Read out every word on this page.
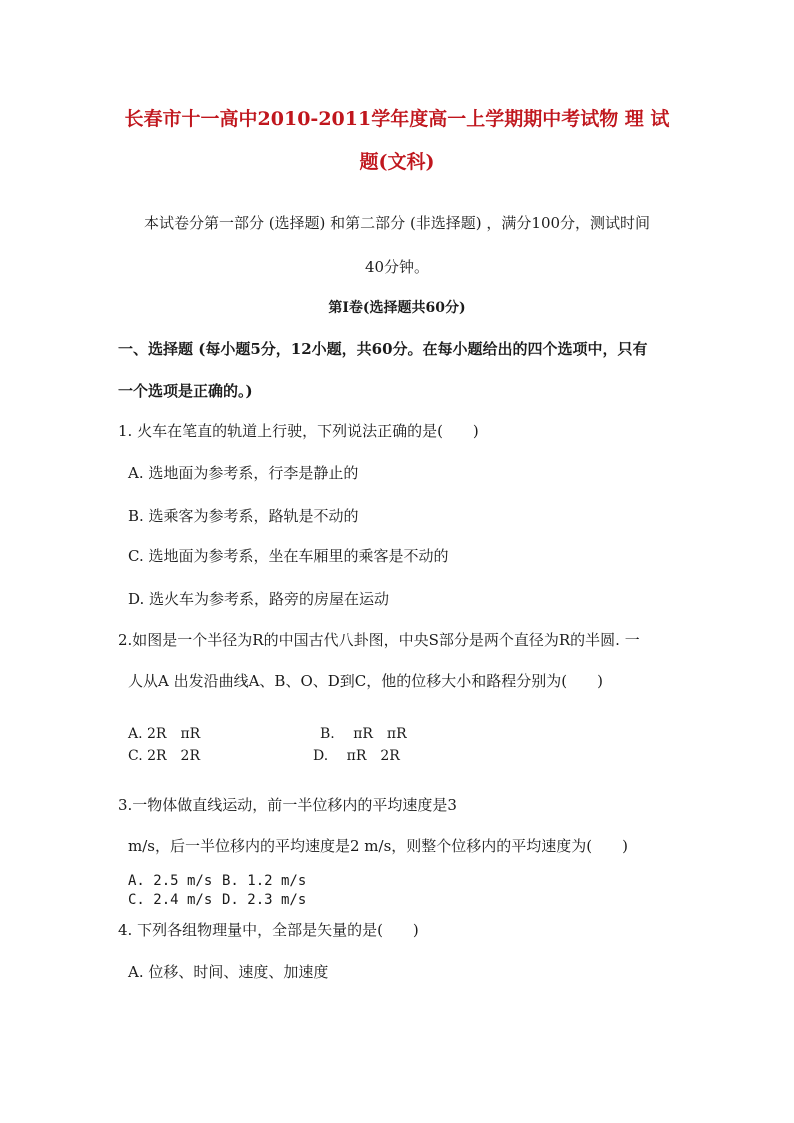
长春市十一高中2010-2011学年度高一上学期期中考试物 理 试
题(文科)
本试卷分第一部分 (选择题) 和第二部分 (非选择题) ，满分100分，测试时间
40分钟。
第Ⅰ卷(选择题共60分)
一、选择题 (每小题5分，12小题，共60分。在每小题给出的四个选项中，只有
一个选项是正确的。)
1. 火车在笔直的轨道上行驶，下列说法正确的是(　　)
A. 选地面为参考系，行李是静止的
B. 选乘客为参考系，路轨是不动的
C. 选地面为参考系，坐在车厢里的乘客是不动的
D. 选火车为参考系，路旁的房屋在运动
2.如图是一个半径为R的中国古代八卦图，中央S部分是两个直径为R的半圆. 一
人从A 出发沿曲线A、B、O、D到C，他的位移大小和路程分别为(　　)
A. 2R　πR	B. 　πR　πR
C. 2R　2R	D. 　πR　2R
3.一物体做直线运动，前一半位移内的平均速度是3
m/s，后一半位移内的平均速度是2 m/s，则整个位移内的平均速度为(　　)
A. 2.5 m/s B. 1.2 m/s
C. 2.4 m/s D. 2.3 m/s
4. 下列各组物理量中，全部是矢量的是(　　)
A. 位移、时间、速度、加速度
